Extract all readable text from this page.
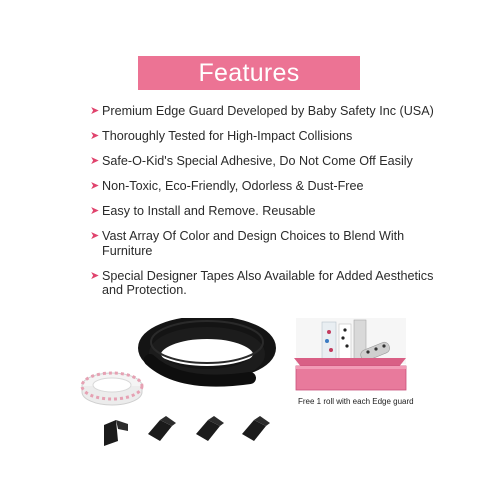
Features
➤ Premium Edge Guard Developed by Baby Safety Inc (USA)
➤ Thoroughly Tested for High-Impact Collisions
➤ Safe-O-Kid's Special Adhesive, Do Not Come Off Easily
➤ Non-Toxic, Eco-Friendly, Odorless & Dust-Free
➤ Easy to Install and Remove. Reusable
➤ Vast Array Of Color and Design Choices to Blend With Furniture
➤ Special Designer Tapes Also Available for Added Aesthetics and Protection.
Free 1 roll with each Edge guard
